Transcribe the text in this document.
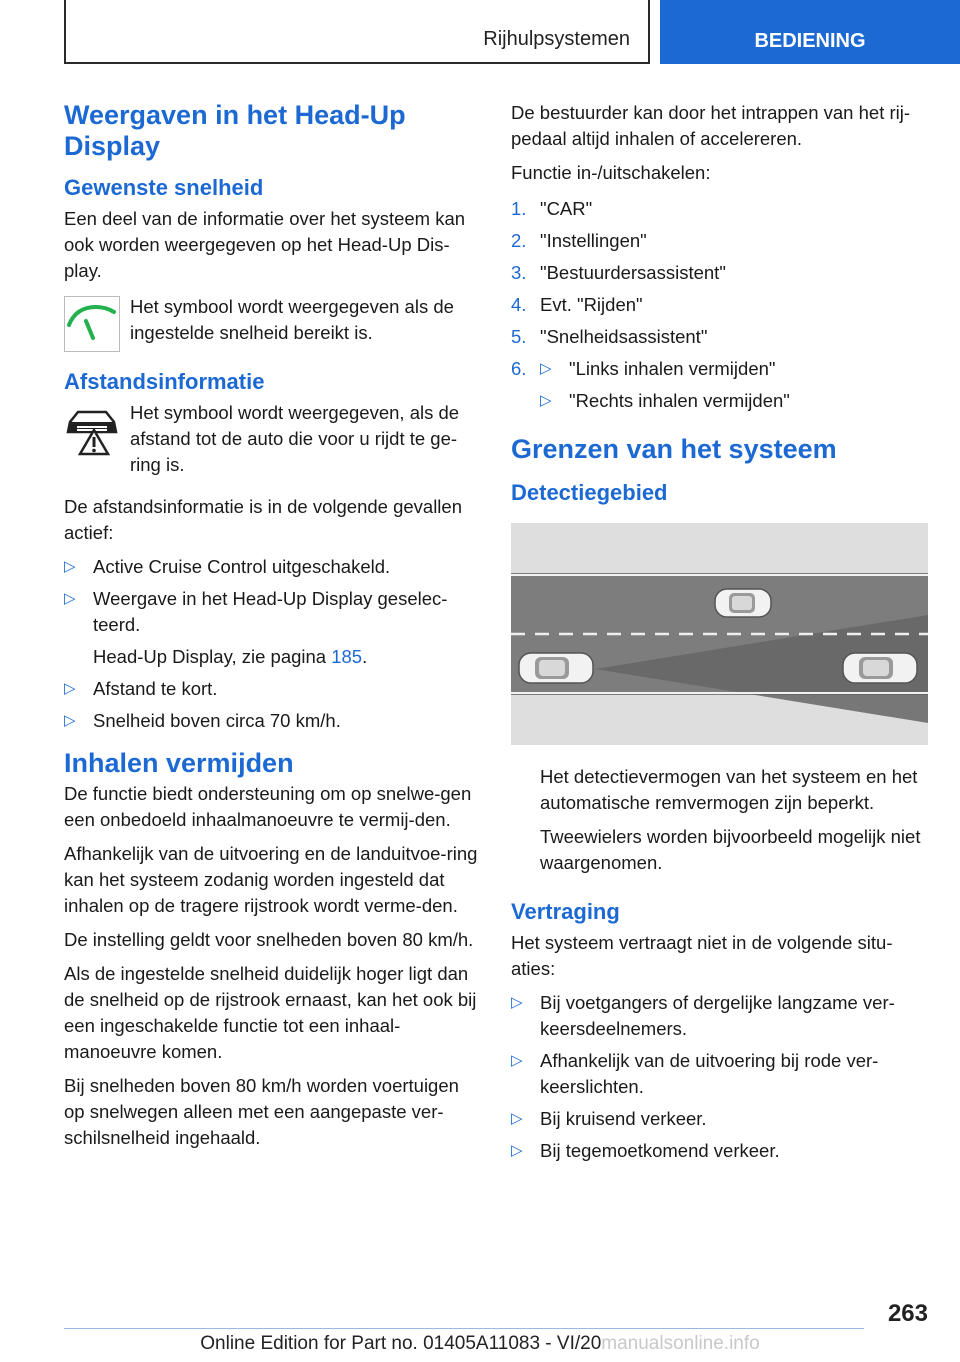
Rijhulpsystemen	BEDIENING
Weergaven in het Head-Up Display
Gewenste snelheid

Een deel van de informatie over het systeem kan ook worden weergegeven op het Head-Up Dis-play.

Het symbool wordt weergegeven als de ingestelde snelheid bereikt is.

Afstandsinformatie

Het symbool wordt weergegeven, als de afstand tot de auto die voor u rijdt te ge-ring is.

De afstandsinformatie is in de volgende gevallen actief:

▷ Active Cruise Control uitgeschakeld.
▷ Weergave in het Head-Up Display geselec-teerd.
Head-Up Display, zie pagina 185.
▷ Afstand te kort.
▷ Snelheid boven circa 70 km/h.
Inhalen vermijden

De functie biedt ondersteuning om op snelwe-gen een onbedoeld inhaalmanoeuvre te vermij-den.

Afhankelijk van de uitvoering en de landuitvoe-ring kan het systeem zodanig worden ingesteld dat inhalen op de tragere rijstrook wordt verme-den.

De instelling geldt voor snelheden boven 80 km/h.

Als de ingestelde snelheid duidelijk hoger ligt dan de snelheid op de rijstrook ernaast, kan het ook bij een ingeschakelde functie tot een inhaal-manoeuvre komen.

Bij snelheden boven 80 km/h worden voertuigen op snelwegen alleen met een aangepaste ver-schilsnelheid ingehaald.

De bestuurder kan door het intrappen van het rij-pedaal altijd inhalen of accelereren.

Functie in-/uitschakelen:

1. "CAR"
2. "Instellingen"
3. "Bestuurdersassistent"
4. Evt. "Rijden"
5. "Snelheidsassistent"
6. ▷ "Links inhalen vermijden"
▷ "Rechts inhalen vermijden"
Grenzen van het systeem
Detectiegebied

Het detectievermogen van het systeem en het automatische remvermogen zijn beperkt.

Tweewielers worden bijvoorbeeld mogelijk niet waargenomen.

Vertraging

Het systeem vertraagt niet in de volgende situ-aties:

▷ Bij voetgangers of dergelijke langzame ver-keersdeelnemers.
▷ Afhankelijk van de uitvoering bij rode ver-keerslichten.
▷ Bij kruisend verkeer.
▷ Bij tegemoetkomend verkeer.
263
Online Edition for Part no. 01405A11083 - VI/20manualsonline.info
